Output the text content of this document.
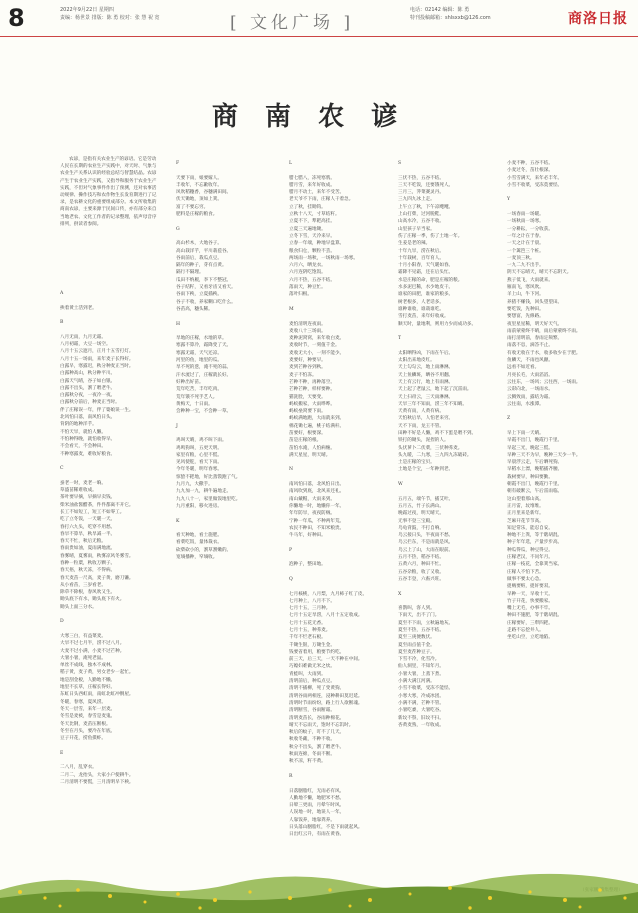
8	2022年9月22日 星期四
责编：杨世景 排版：陈 勇 校对：张 慧 祝 宽	[ 文化广场 ]
电话：02142 编辑：陈 勇
特刊投稿邮箱：shlsxxb@126.com	商洛日报
商 南 农 谚
农谚，是指有关农业生产的谚语。它是劳动人民在长期的农业生产实践中，对天时、气象与农业生产关系认识的经验总结与智慧结晶。农谚产生于农业生产实践，又指导和服务于农业生产实践，不但对气象事件作出了预测，还对农事活动规律、操作技巧和农作物生长发育期进行了记录，是农耕文化的重要组成部分。本文所收集的商南农谚，主要来源于民间口传，亦有部分来自当地老农、文化工作者的记录整理，依声母音序排列，供读者参阅。
A

挨着黄土活到老。

B

八月无雨，九月无霜。
八月初霜，大豆一场空。
八月十五云遮月，正月十五雪打灯。
八月十五一场雨，来年麦子长得好。
白露早，寒露迟，秋分种麦正当时。
白露种高山，秋分种平川。
白露天气晴，谷子如白银。
白露不出头，割了喂老牛。
白露秋分夜，一夜冷一夜。
白露秋分前后，种麦正当时。
伴了庄稼误一年，伴了婆娘误一生。
北风怕日落，南风怕日头。
背阴的地种洋芋。
不怕天旱，就怕人懒。
不怕种得晚，就怕收得早。
不会看天，不会种田。
不种寒露麦，难收好粮食。

C

蚕老一时，麦老一晌。
草盛苗稀难收成。
茶叶要早摘，早摘早卖钱。
柴米油盐酱醋茶，件件都离不开它。
长工不如短工，短工不如零工。
吃了立冬饭，一天暖一天。
春打六九头，吃穿不用愁。
春旱不算旱，秋旱减一半。
春天不忙，秋后无粮。
春雨贵如油，夏雨满地流。
春雾晴，夏雾雨，秋雾凉风冬雾雪。
春种一粒粟，秋收万颗子。
春天捂，秋天冻，不得病。
春天麦苗一尺高，麦子黄，磨刀镰。
从小看苗，三岁看老。
除草不除根，春风吹又生。
锄头底下有水，锄头底下有火。
锄头上面三分水。

D

大寒三白，有益菜麦。
大旱不过七月半，涝不过八月。
大麦不过小满，小麦不过芒种。
大暑小暑，淹死老鼠。
单丝不成线，独木不成林。
稻子黄，麦子黄，男女老少一起忙。
地是刮金板，人勤地不懒。
地里不长草，庄稼长得好。
东虹日头西虹雨，南虹北虹冲倒屋。
冬暖，春寒，夏风涝。
冬天一层雪，来年一层麦。
冬雪是麦被，春雪是麦鬼。
冬天比钢，麦苗压断根。
冬至在月头，要冷在年底。
豆子开花，捞鱼摸虾。

E

二八月，乱穿衣。
二月二，龙抬头，大家小户使耕牛。
二月清明不要慌，三月清明早下秧。
F

天要下雨，娘要嫁人。
丰收年，不忘歉收年。
风吹稻穗香，谷穗满田间。
伏天锄地，顶如上粪。
富了不要忘穷。
肥料是庄稼的粮食。

G

高山杉木，大地谷子。
高山栽洋芋，平川栽苞谷。
谷雨前后，栽瓜点豆。
隔年的种子，芽有点黄。
隔行不隔理。
瓜田不纳履，李下不整冠。
谷子结籽，又看牙齿又看天。
谷雨下秧，立夏插秧。
谷子不收，养家糊口吃什么。
谷苗高，穗头稀。

H

旱地的庄稼，水地的草。
寒露不算冷，霜降变了天。
寒露无霜，天气还凉。
河里的鱼，地里的瓜。
旱不死的葱，淹不死的蒜。
汗水流过了，庄稼就长好。
好种出好苗。
荒年吃苦，丰年吃肉。
荒年饿不死手艺人。
黄梅天，十日雨。
会种种一宝，不会种一草。

J

鸡叫天晴，鸡不叫下雨。
鸡鸣狗叫，五更天明。
家里有粮，心里不慌。
见风使舵，看天下雨。
今年冬暖，明年春寒。
惊蛰不耙地，好比蒸馍跑了气。
九月九，大撒手。
九九加一九，耕牛遍地走。
九九八十一，家里做饭地里吃。
九月重阳，移火进房。

K

看天种地，看土施肥。
看菜吃饭，量体裁衣。
砍柴砍小的，割草割嫩的。
宽墒播种，窄墒收。
L

腊七腊八，冻死寒鸦。
腊月雪，来年好收成。
腊月不动土，来年不受苦。
老天爷不下雨，庄稼人干着急。
立了秋，挂锄钩。
立秋十八天，寸草结籽。
立夏不下，犁耙高挂。
立夏三天遍地锄。
立冬下雪，天冷来早。
立春一年端，种地早盘算。
粮食归仓，颗粒不丢。
两场雨一场秋，一场秋雨一场寒。
六月六，晒龙衣。
六月连阴吃饱饭。
六月不热，五谷不结。
落雨天，种豆忙。
落叶归根。

M

麦怕清明连夜雨。
麦收八十三场雨。
麦种泥窝窝，来年收白麦。
麦收时节，一刻值千金。
麦收无大小，一刻不能少。
麦要好，种要早。
麦到芒种谷到秋。
麦子不怕冻。
芒种不种，再种落空。
芒种芒种，样样要种。
猫洗脸，天要变。
蚂蚁搬家，大雨哗哗。
蚂蚁垒窝要下雨。
蚂蚁满地跑，大雨就来到。
棉花锄七遍，桃子结满秆。
苗要好，根要深。
苗是庄稼的根。
苗怕水淹，人怕病缠。
满天星星，明天晴。

N

南风怕日落，北风怕日出。
南风吹到底，北风来还礼。
南山戴帽，大雨来到。
你懒地一时，地懒你一年。
年年防旱，夜夜防贼。
宁种一年瓜，不种两年荒。
农民不种田，不知米粮贵。
牛马年，好种田。

P

泡种子，整田地。

Q

七月核桃，八月梨，九月柿子红了皮。
七月种上，八月不下。
七月十五，三月种。
七月十五定旱涝，八月十五定收成。
七月十五花无香。
七月十五，种荞麦。
千年不烂老石板。
千锄生银，万锄生金。
钱要省着用，粮要节约吃。
前三天，后三天，一天不种在中间。
巧媳妇难做无米之炊。
青蛙叫，大雨到。
清明前后，种瓜点豆。
清明不插柳，死了变黄狗。
清明谷雨两相连，浸种耕田莫迟延。
清明时节雨纷纷，路上行人欲断魂。
清明断雪，谷雨断霜。
清明麦苗长，谷雨种棉花。
晴天不忘雨天，饱时不忘饥时。
秋后的蚊子，叮不了几天。
秋收冬藏，不种不收。
秋分不出头，割了喂老牛。
秋雨连绵，冬雨不断。
秋不凉，籽不黄。

R

日落胭脂红，无雨必有风。
人勤地不懒，地肥米不愁。
日晕三更雨，月晕午时风。
人误地一时，地误人一年。
人靠饭养，地靠粪养。
日头落山胭脂红，不是下雨就起风。
日出红云升，有雨在黄昏。
S

三伏不热，五谷不结。
三天不吃饭，还要饿死人。
三月三，荠菜赛灵丹。
三九四九冰上走。
上午立了秋，下午凉飕飕。
上山打柴，过河脱鞋。
山高水冷，五谷不收。
山里孩子早当家。
伤了庄稼一季，伤了土地一年。
生姜是老的辣。
十年九旱，涝在秋后。
十年栽树，百年育人。
十月小阳春，天气暖如春。
霜降不见霜，还在后头忙。
水是庄稼的命，肥是庄稼的粮。
水多泥巴稀，水少地皮干。
谁家的田肥，谁家的粮多。
树老根多，人老话多。
谁种谁收，谁栽谁吃。
雪打麦苗，来年好收成。
顺天时，量地利，则用力少而成功多。

T

太阳晒得凶，下雨在午后。
太阳出来地皮红。
天上勾勾云，地上雨淋淋。
天上鱼鳞斑，晒谷不用翻。
天上有云行，地上有雨淋。
天上起了老鼠云，地下起了沉雷雨。
天上扫帚云，三天雨淋淋。
天旱三年不知雨，涝三年不知晴。
天黄有雨，人黄有病。
天怕秋后旱，人怕老来穷。
天不下雨，龙王不管。
田种不好是人懒，鸡不下蛋是喂不到。
铁打的锄头，泥捏的人。
头伏萝卜二伏菜，三伏种荞麦。
头九暖，二九寒，三九四九冻破砖。
土是庄稼的宝贝。
土地是个宝，一年种到老。

W

五月五，端午节，插艾叶。
五月五，竹子长满山。
晚霜过夜，明天晴天。
无事不登三宝殿。
乌龟背鼓，不打自响。
乌云接日头，半夜雨不愁。
乌云拦东，不是雨就是风。
乌云上了山，大雨在眼前。
五月不热，稻谷不结。
五黄六月，种田不忙。
五谷杂粮，收了又收。
五谷丰登，六畜兴旺。

X

喜鹊叫，客人到。
下雨天，出不了门。
夏至不下雨，立秋遍地灰。
夏至不热，五谷不结。
夏至三庚便数伏。
夏至雨点值千金。
夏至麦茬种豆子。
下雪不冷，化雪冷。
仙人洞里，不知年月。
小暑大暑，上蒸下煮。
小满大满江河满。
小雪不收菜，受冻不能怪。
小寒大寒，冷成冰团。
小满不满，芒种不管。
小暑吃黍，大暑吃谷。
新坟不祭，旧坟不扫。
杏黄麦熟，一年收成。
小麦不种，五谷不结。
小麦过冬，苗壮根深。
小雪雪满天，来年必丰年。
小雪不收菜，受冻莫要怪。

Y

一场春雨一场暖。
一场秋雨一场寒。
一分耕耘，一分收获。
一年之计在于春。
一天之计在于晨。
一个篱笆三个桩。
一麦顶三秋。
一九二九不出手。
阴天不忘晴天，晴天不忘阴天。
燕子低飞，大雨就来。
雁南飞，寒风吹。
羊上山，牛下河。
养猪不赚钱，回头望望田。
要吃饭，先种田。
要想富，先修路。
夜里星星稀，明天好天气。
雨前蒙蒙终不晴，雨后蒙蒙终不雨。
雨打清明前，春雨定频繁。
雨落不息，滴答不止。
有收无收在于水，收多收少在于肥。
鱼鳞天，不雨也风颠。
远看不如近看。
月亮长毛，大雨滔滔。
云往东，一场风；云往西，一场雨。
云彩向北，一场雨水。
云腾致雨，露结为霜。
云往南，水涨潭。

Z

早上下雨一天晴。
早霞不出门，晚霞行千里。
早起三光，晚起三慌。
早种三天不为早，晚种三天少一半。
早晨浮云走，午后晒死狗。
早稻水上漂，晚稻插齐腰。
栽树要早，种田要勤。
朝霞不出门，晚霞行千里。
朝有破絮云，午后雷雨临。
这山望着那山高。
正月雷，坟堆堆。
正月里来是新年。
芝麻开花节节高。
知足常乐，能忍自安。
种地不上粪，等于瞎胡混。
种子年年选，产量步步高。
种瓜得瓜，种豆得豆。
庄稼老汉，不问年月。
庄稼一枝花，全靠粪当家。
庄稼人不怕下苦。
做事不要太心急。
捉贼要赃，捉奸要双。
早种一天，早收十天。
竹子开花，快要搬家。
嘴上无毛，办事不牢。
种田不施肥，等于瞎胡混。
庄稼要好，三犁四耙。
走路不忘挖井人。
坐吃山空，立吃地陷。
